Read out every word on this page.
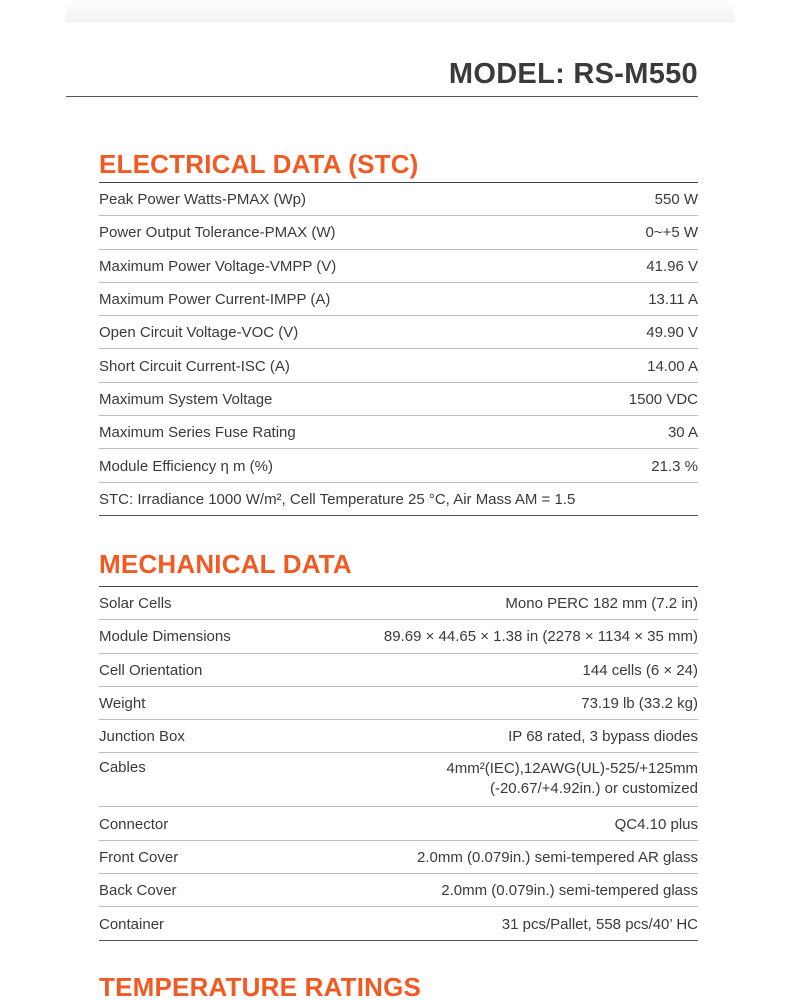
MODEL: RS-M550
ELECTRICAL DATA (STC)
Peak Power Watts-PMAX (Wp)	550 W
Power Output Tolerance-PMAX (W)	0~+5 W
Maximum Power Voltage-VMPP (V)	41.96 V
Maximum Power Current-IMPP (A)	13.11 A
Open Circuit Voltage-VOC (V)	49.90 V
Short Circuit Current-ISC (A)	14.00 A
Maximum System Voltage	1500 VDC
Maximum Series Fuse Rating	30 A
Module Efficiency η m (%)	21.3 %
STC: Irradiance 1000 W/m², Cell Temperature 25 °C, Air Mass AM = 1.5
MECHANICAL DATA
Solar Cells	Mono PERC 182 mm (7.2 in)
Module Dimensions	89.69 × 44.65 × 1.38 in (2278 × 1134 × 35 mm)
Cell Orientation	144 cells (6 × 24)
Weight	73.19 lb (33.2 kg)
Junction Box	IP 68 rated, 3 bypass diodes
Cables	4mm²(IEC),12AWG(UL)-525/+125mm
(-20.67/+4.92in.) or customized
Connector	QC4.10 plus
Front Cover	2.0mm (0.079in.) semi-tempered AR glass
Back Cover	2.0mm (0.079in.) semi-tempered glass
Container	31 pcs/Pallet, 558 pcs/40’ HC
TEMPERATURE RATINGS
